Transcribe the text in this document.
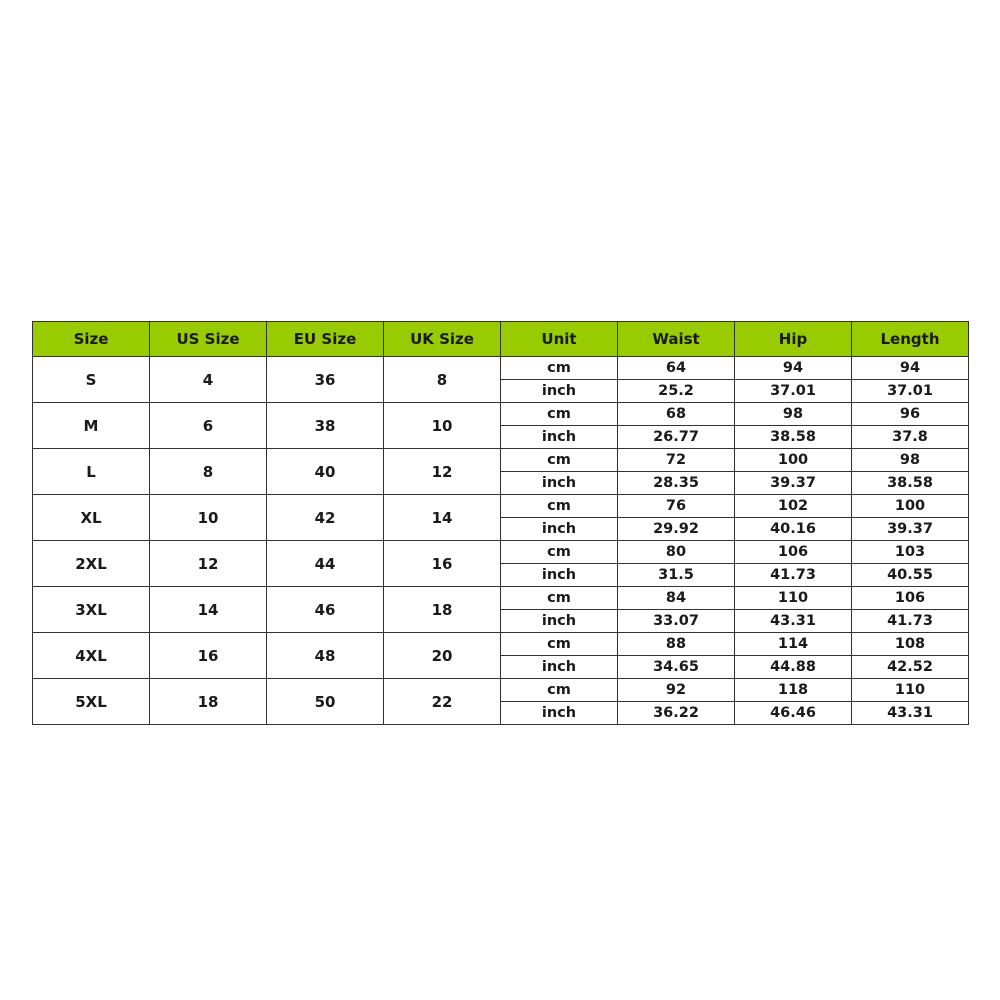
Size	US Size	EU Size	UK Size	Unit	Waist	Hip	Length
S	4	36	8	cm	64	94	94
				inch	25.2	37.01	37.01
M	6	38	10	cm	68	98	96
				inch	26.77	38.58	37.8
L	8	40	12	cm	72	100	98
				inch	28.35	39.37	38.58
XL	10	42	14	cm	76	102	100
				inch	29.92	40.16	39.37
2XL	12	44	16	cm	80	106	103
				inch	31.5	41.73	40.55
3XL	14	46	18	cm	84	110	106
				inch	33.07	43.31	41.73
4XL	16	48	20	cm	88	114	108
				inch	34.65	44.88	42.52
5XL	18	50	22	cm	92	118	110
				inch	36.22	46.46	43.31
